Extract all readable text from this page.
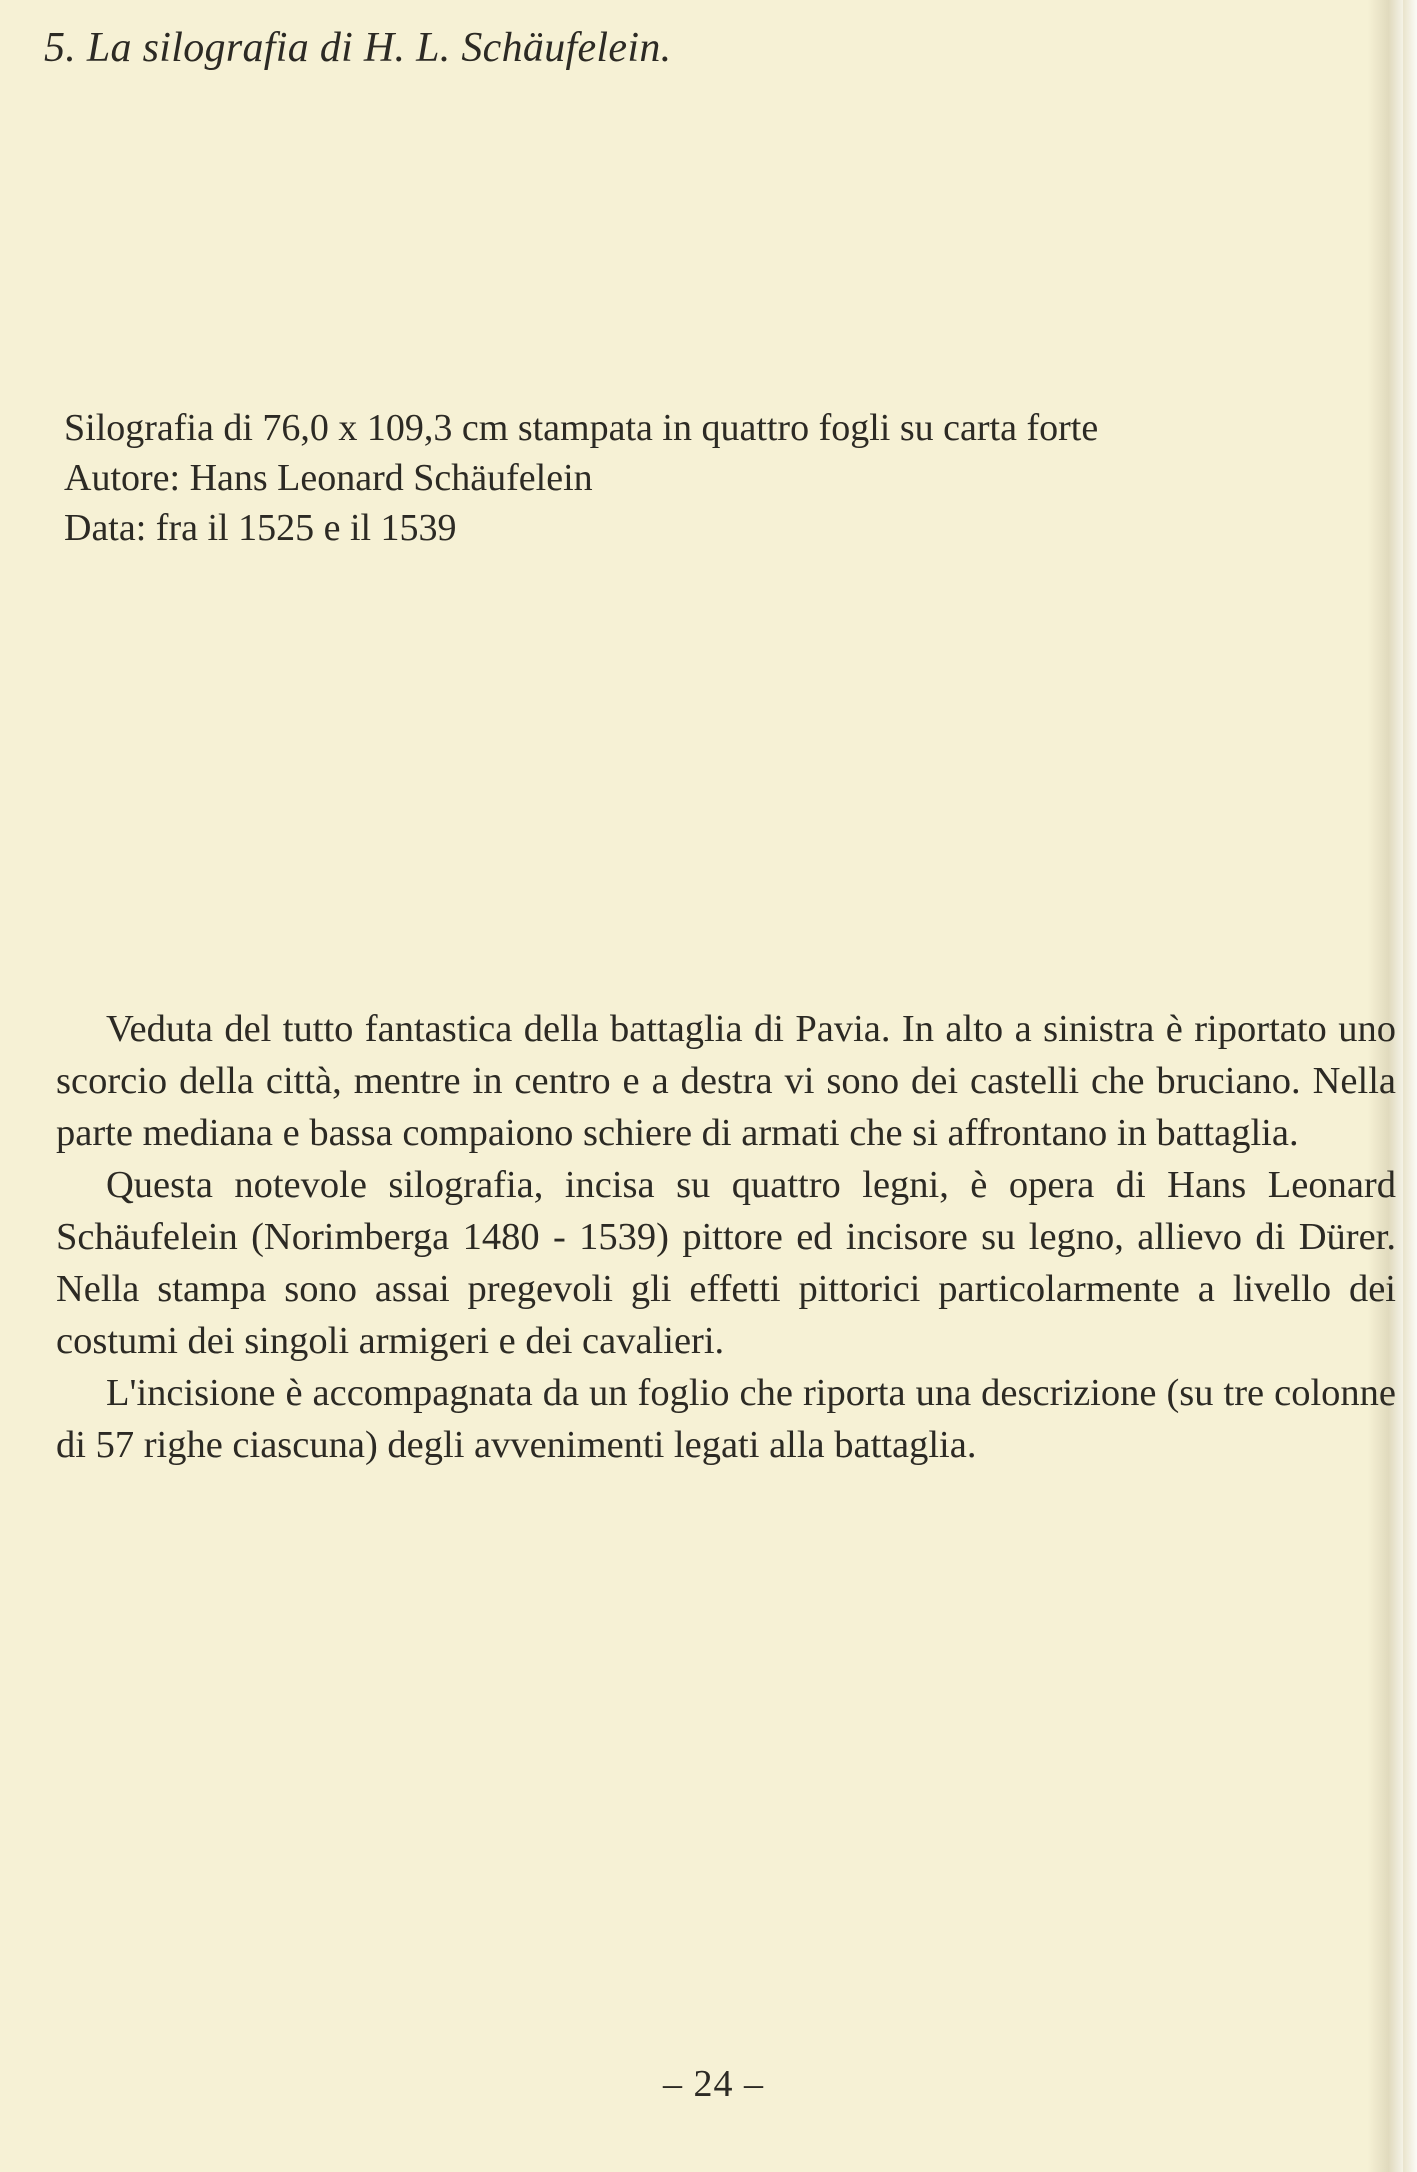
5. La silografia di H. L. Schäufelein.
Silografia di 76,0 x 109,3 cm stampata in quattro fogli su carta forte
Autore: Hans Leonard Schäufelein
Data: fra il 1525 e il 1539

Veduta del tutto fantastica della battaglia di Pavia. In alto a sinistra è riportato uno scorcio della città, mentre in centro e a destra vi sono dei castelli che bruciano. Nella parte mediana e bassa compaiono schiere di armati che si affrontano in battaglia.

Questa notevole silografia, incisa su quattro legni, è opera di Hans Leonard Schäufelein (Norimberga 1480 - 1539) pittore ed incisore su legno, allievo di Dürer. Nella stampa sono assai pregevoli gli effetti pittorici particolarmente a livello dei costumi dei singoli armigeri e dei cavalieri.

L'incisione è accompagnata da un foglio che riporta una descrizione (su tre colonne di 57 righe ciascuna) degli avvenimenti legati alla battaglia.

– 24 –
